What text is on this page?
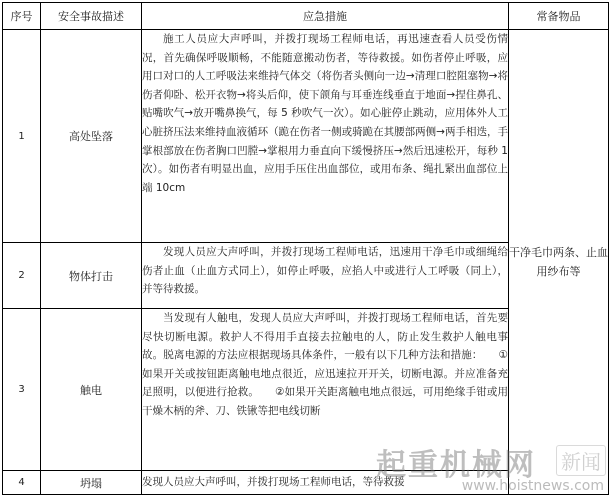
序号	安全事故描述	应急措施	常备物品
1	高处坠落	施工人员应大声呼叫，并拨打现场工程师电话，再迅速查看人员受伤情况，首先确保呼吸顺畅，不能随意搬动伤者，等待救援。如伤者停止呼吸，应用口对口的人工呼吸法来维持气体交（将伤者头侧向一边→清理口腔阻塞物→将伤者仰卧、松开衣物→将头后仰，使下颌角与耳垂连线垂直于地面→捏住鼻孔、贴嘴吹气→放开嘴鼻换气，每 5 秒吹气一次）。如心脏停止跳动，应用体外人工心脏挤压法来维持血液循环（跪在伤者一侧或骑跪在其腰部两侧→两手相迭，手掌根部放在伤者胸口凹膛→掌根用力垂直向下缓慢挤压→然后迅速松开，每秒 1 次）。如伤者有明显出血，应用手压住出血部位，或用布条、绳扎紧出血部位上端 10cm	干净毛巾两条、止血用纱布等
2	物体打击	发现人员应大声呼叫，并拨打现场工程师电话，迅速用干净毛巾或细绳给伤者止血（止血方式同上），如停止呼吸，应掐人中或进行人工呼吸（同上），并等待救援。	

3	触电	当发现有人触电，发现人员应大声呼叫，并拨打现场工程师电话，首先要尽快切断电源。救护人不得用手直接去拉触电的人，防止发生救护人触电事故。脱离电源的方法应根据现场具体条件，一般有以下几种方法和措施：　　①如果开关或按钮距离触电地点很近，应迅速拉开开关，切断电源。并应准备充足照明，以便进行抢救。　　②如果开关距离触电地点很远，可用绝缘手钳或用干燥木柄的斧、刀、铁锹等把电线切断	

4	坍塌	发现人员应大声呼叫，并拨打现场工程师电话，等待救援	
起重机械网 新闻
www.hoistnews.com
